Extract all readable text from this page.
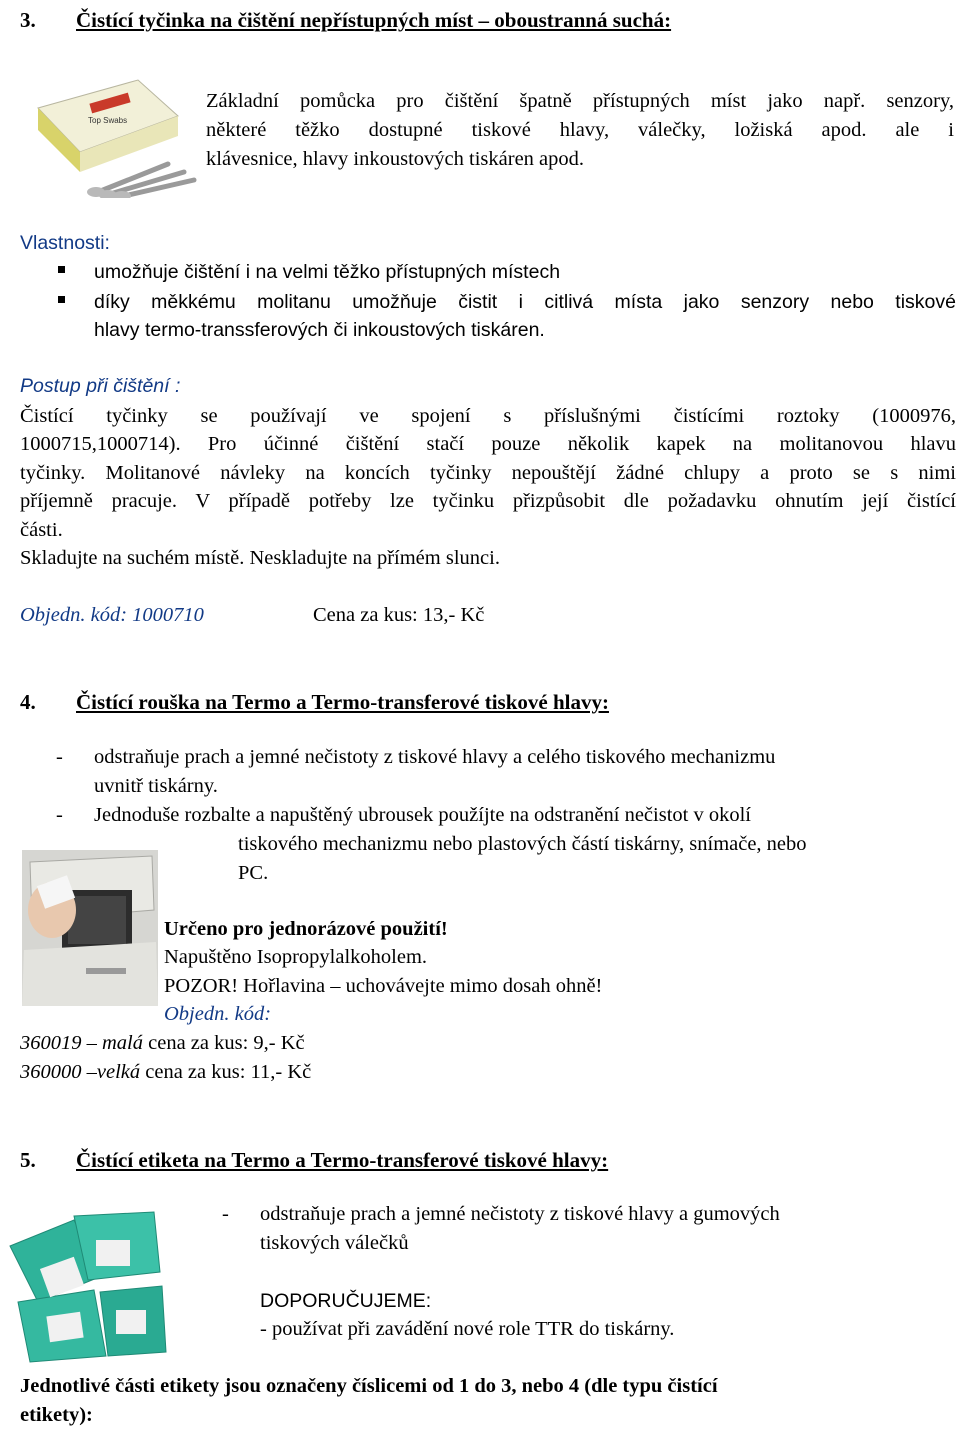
3. Čistící tyčinka na čištění nepřístupných míst – oboustranná suchá:
Top Swabs
Základní pomůcka pro čištění špatně přístupných míst jako např. senzory,
některé těžko dostupné tiskové hlavy, válečky, ložiská apod. ale i
klávesnice, hlavy inkoustových tiskáren apod.
Vlastnosti:
umožňuje čištění i na velmi těžko přístupných místech
díky měkkému molitanu umožňuje čistit i citlivá místa jako senzory nebo tiskové
hlavy termo-transsferových či inkoustových tiskáren.
Postup při čištění :
Čistící tyčinky se používají ve spojení s příslušnými čistícími roztoky (1000976,
1000715,1000714). Pro účinné čištění stačí pouze několik kapek na molitanovou hlavu
tyčinky. Molitanové návleky na koncích tyčinky nepouštějí žádné chlupy a proto se s nimi
příjemně pracuje. V případě potřeby lze tyčinku přizpůsobit dle požadavku ohnutím její čistící
části.
Skladujte na suchém místě. Neskladujte na přímém slunci.
Objedn. kód: 1000710	Cena za kus: 13,- Kč
4. Čistící rouška na Termo a Termo-transferové tiskové hlavy:
- odstraňuje prach a jemné nečistoty z tiskové hlavy a celého tiskového mechanizmu
uvnitř tiskárny.
- Jednoduše rozbalte a napuštěný ubrousek použíjte na odstranění nečistot v okolí
tiskového mechanizmu nebo plastových částí tiskárny, snímače, nebo
PC.
Určeno pro jednorázové použití!
Napuštěno Isopropylalkoholem.
POZOR! Hořlavina – uchovávejte mimo dosah ohně!
Objedn. kód:
360019 – malá cena za kus: 9,- Kč
360000 –velká cena za kus: 11,- Kč
5. Čistící etiketa na Termo a Termo-transferové tiskové hlavy:
- odstraňuje prach a jemné nečistoty z tiskové hlavy a gumových
tiskových válečků
DOPORUČUJEME:
- používat při zavádění nové role TTR do tiskárny.
Jednotlivé části etikety jsou označeny číslicemi od 1 do 3, nebo 4 (dle typu čistící
etikety):
